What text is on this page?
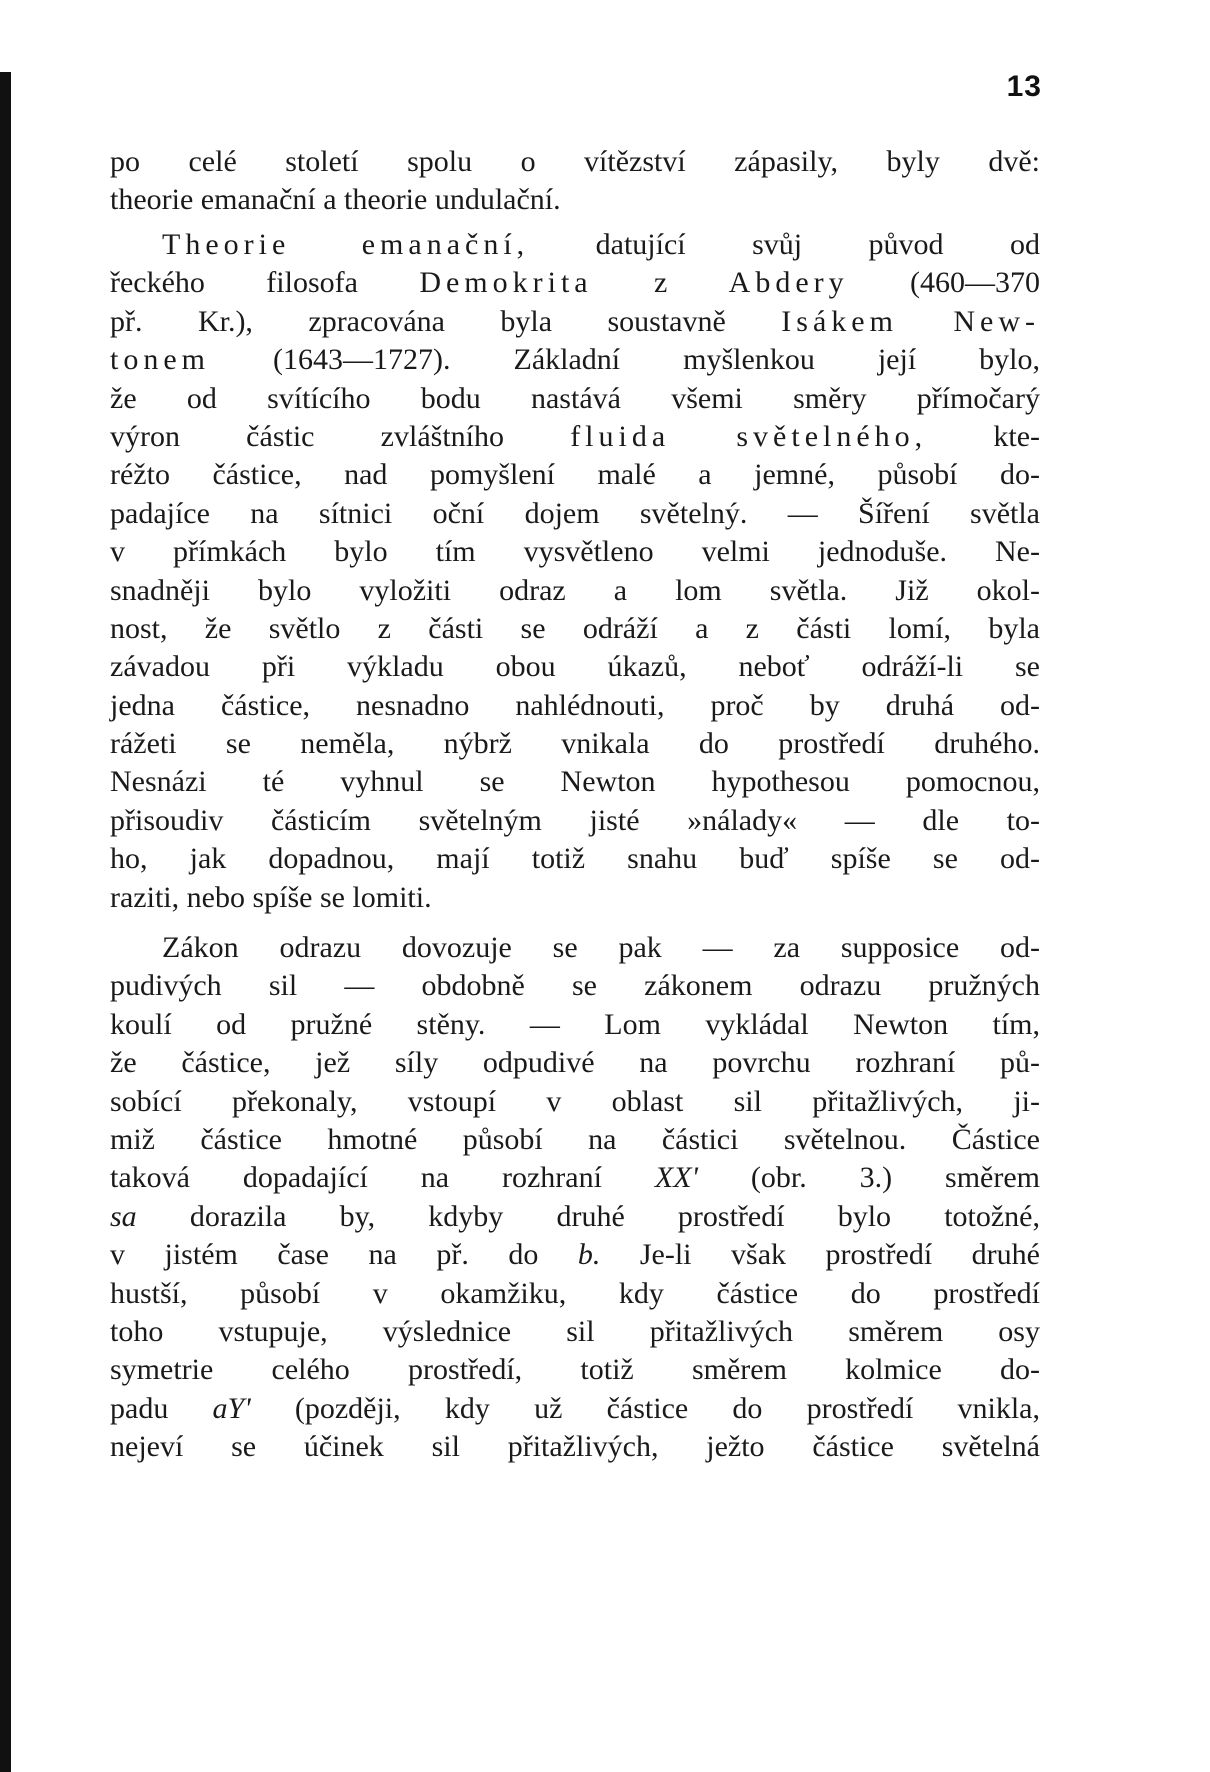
13
po celé století spolu o vítězství zápasily, byly dvě:
theorie emanační a theorie undulační.
Theorie emanační, datující svůj původ od
řeckého filosofa Demokrita z Abdery (460—370
př. Kr.), zpracována byla soustavně Isákem New-
tonem (1643—1727). Základní myšlenkou její bylo,
že od svítícího bodu nastává všemi směry přímočarý
výron částic zvláštního fluida světelného, kte-
réžto částice, nad pomyšlení malé a jemné, působí do-
padajíce na sítnici oční dojem světelný. — Šíření světla
v přímkách bylo tím vysvětleno velmi jednoduše. Ne-
snadněji bylo vyložiti odraz a lom světla. Již okol-
nost, že světlo z části se odráží a z části lomí, byla
závadou při výkladu obou úkazů, neboť odráží-li se
jedna částice, nesnadno nahlédnouti, proč by druhá od-
rážeti se neměla, nýbrž vnikala do prostředí druhého.
Nesnázi té vyhnul se Newton hypothesou pomocnou,
přisoudiv částicím světelným jisté »nálady« — dle to-
ho, jak dopadnou, mají totiž snahu buď spíše se od-
raziti, nebo spíše se lomiti.
Zákon odrazu dovozuje se pak — za supposice od-
pudivých sil — obdobně se zákonem odrazu pružných
koulí od pružné stěny. — Lom vykládal Newton tím,
že částice, jež síly odpudivé na povrchu rozhraní pů-
sobící překonaly, vstoupí v oblast sil přitažlivých, ji-
miž částice hmotné působí na částici světelnou. Částice
taková dopadající na rozhraní XX' (obr. 3.) směrem
sa dorazila by, kdyby druhé prostředí bylo totožné,
v jistém čase na př. do b. Je-li však prostředí druhé
hustší, působí v okamžiku, kdy částice do prostředí
toho vstupuje, výslednice sil přitažlivých směrem osy
symetrie celého prostředí, totiž směrem kolmice do-
padu aY' (později, kdy už částice do prostředí vnikla,
nejeví se účinek sil přitažlivých, ježto částice světelná
